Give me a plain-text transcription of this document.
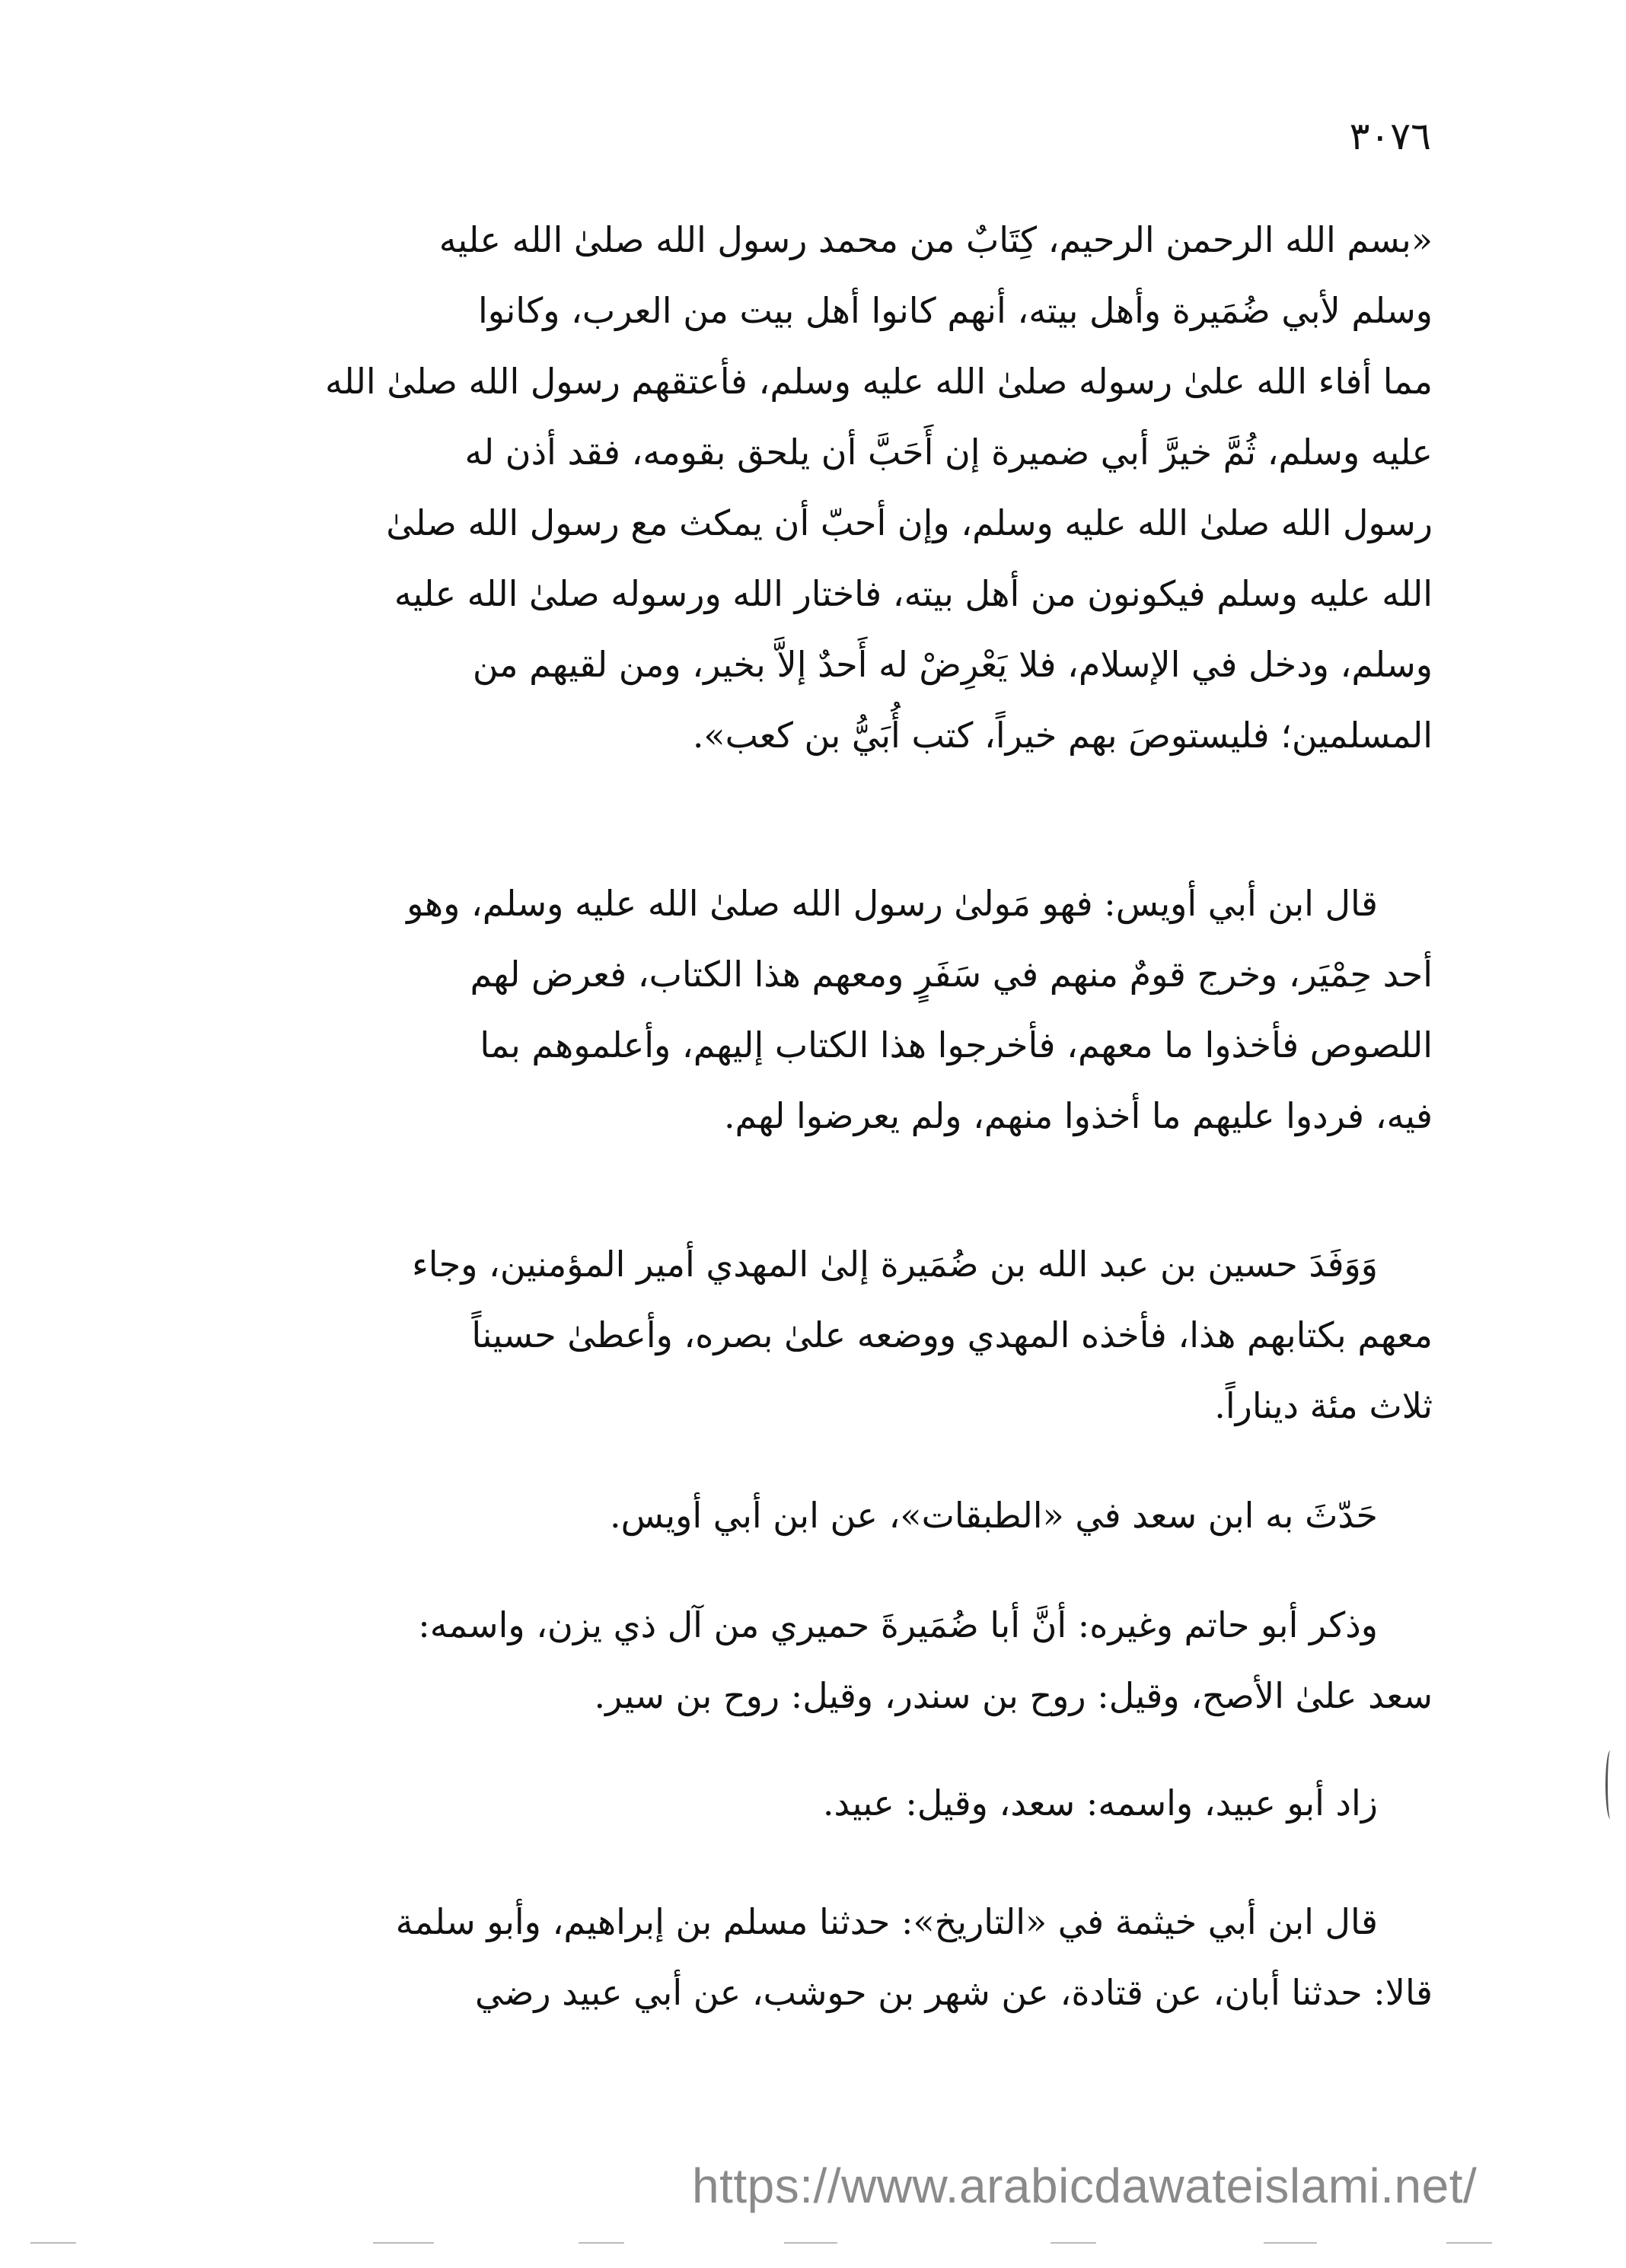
٣٠٧٦
«بسم الله الرحمن الرحيم، كِتَابٌ من محمد رسول الله صلىٰ الله عليه
وسلم لأبي ضُمَيرة وأهل بيته، أنهم كانوا أهل بيت من العرب، وكانوا
مما أفاء الله علىٰ رسوله صلىٰ الله عليه وسلم، فأعتقهم رسول الله صلىٰ الله
عليه وسلم، ثُمَّ خيرَّ أبي ضميرة إن أَحَبَّ أن يلحق بقومه، فقد أذن له
رسول الله صلىٰ الله عليه وسلم، وإن أحبّ أن يمكث مع رسول الله صلىٰ
الله عليه وسلم فيكونون من أهل بيته، فاختار الله ورسوله صلىٰ الله عليه
وسلم، ودخل في الإسلام، فلا يَعْرِضْ له أَحدٌ إلاَّ بخير، ومن لقيهم من
المسلمين؛ فليستوصَ بهم خيراً، كتب أُبَيُّ بن كعب».
قال ابن أبي أويس: فهو مَولىٰ رسول الله صلىٰ الله عليه وسلم، وهو
أحد حِمْيَر، وخرج قومٌ منهم في سَفَرٍ ومعهم هذا الكتاب، فعرض لهم
اللصوص فأخذوا ما معهم، فأخرجوا هذا الكتاب إليهم، وأعلموهم بما
فيه، فردوا عليهم ما أخذوا منهم، ولم يعرضوا لهم.
وَوَفَدَ حسين بن عبد الله بن ضُمَيرة إلىٰ المهدي أمير المؤمنين، وجاء
معهم بكتابهم هذا، فأخذه المهدي ووضعه علىٰ بصره، وأعطىٰ حسيناً
ثلاث مئة ديناراً.
حَدّثَ به ابن سعد في «الطبقات»، عن ابن أبي أويس.
وذكر أبو حاتم وغيره: أنَّ أبا ضُمَيرةَ حميري من آل ذي يزن، واسمه:
سعد علىٰ الأصح، وقيل: روح بن سندر، وقيل: روح بن سير.
زاد أبو عبيد، واسمه: سعد، وقيل: عبيد.
قال ابن أبي خيثمة في «التاريخ»: حدثنا مسلم بن إبراهيم، وأبو سلمة
قالا: حدثنا أبان، عن قتادة، عن شهر بن حوشب، عن أبي عبيد رضي
https://www.arabicdawateislami.net/
